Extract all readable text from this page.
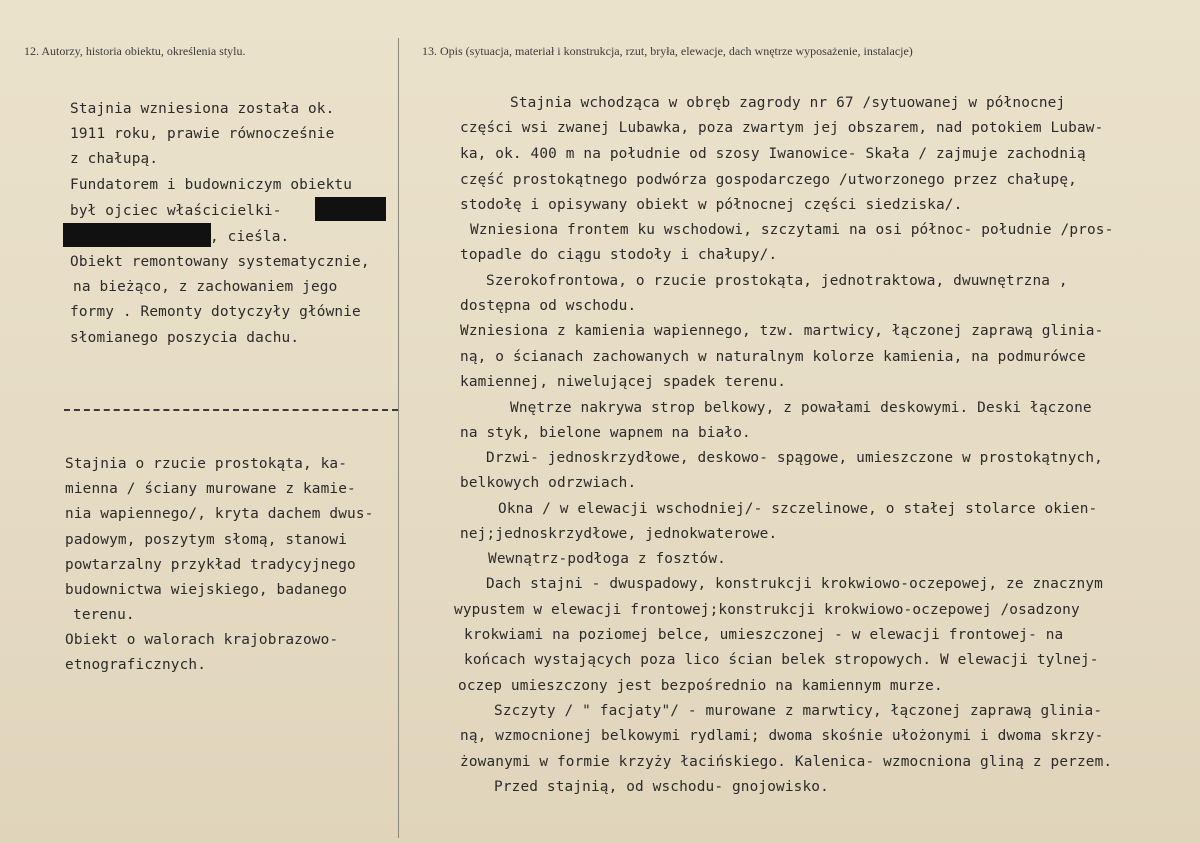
12. Autorzy, historia obiektu, określenia stylu.	13. Opis (sytuacja, materiał i konstrukcja, rzut, bryła, elewacje, dach wnętrze wyposażenie, instalacje)
Stajnia wzniesiona została ok.
1911 roku, prawie równocześnie
z chałupą.
Fundatorem i budowniczym obiektu
był ojciec właścicielki-
, cieśla.
Obiekt remontowany systematycznie,
na bieżąco, z zachowaniem jego
formy . Remonty dotyczyły głównie
słomianego poszycia dachu.
Stajnia o rzucie prostokąta, ka-
mienna / ściany murowane z kamie-
nia wapiennego/, kryta dachem dwus-
padowym, poszytym słomą, stanowi
powtarzalny przykład tradycyjnego
budownictwa wiejskiego, badanego
terenu.
Obiekt o walorach krajobrazowo-
etnograficznych.
Stajnia wchodząca w obręb zagrody nr 67 /sytuowanej w północnej
części wsi zwanej Lubawka, poza zwartym jej obszarem, nad potokiem Lubaw-
ka, ok. 400 m na południe od szosy Iwanowice- Skała / zajmuje zachodnią
część prostokątnego podwórza gospodarczego /utworzonego przez chałupę,
stodołę i opisywany obiekt w północnej części siedziska/.
Wzniesiona frontem ku wschodowi, szczytami na osi północ- południe /pros-
topadle do ciągu stodoły i chałupy/.
Szerokofrontowa, o rzucie prostokąta, jednotraktowa, dwuwnętrzna ,
dostępna od wschodu.
Wzniesiona z kamienia wapiennego, tzw. martwicy, łączonej zaprawą glinia-
ną, o ścianach zachowanych w naturalnym kolorze kamienia, na podmurówce
kamiennej, niwelującej spadek terenu.
Wnętrze nakrywa strop belkowy, z powałami deskowymi. Deski łączone
na styk, bielone wapnem na biało.
Drzwi- jednoskrzydłowe, deskowo- spągowe, umieszczone w prostokątnych,
belkowych odrzwiach.
Okna / w elewacji wschodniej/- szczelinowe, o stałej stolarce okien-
nej;jednoskrzydłowe, jednokwaterowe.
Wewnątrz-podłoga z fosztów.
Dach stajni - dwuspadowy, konstrukcji krokwiowo-oczepowej, ze znacznym
wypustem w elewacji frontowej;konstrukcji krokwiowo-oczepowej /osadzony
krokwiami na poziomej belce, umieszczonej - w elewacji frontowej- na
końcach wystających poza lico ścian belek stropowych. W elewacji tylnej-
oczep umieszczony jest bezpośrednio na kamiennym murze.
Szczyty / " facjaty"/ - murowane z marwticy, łączonej zaprawą glinia-
ną, wzmocnionej belkowymi rydlami; dwoma skośnie ułożonymi i dwoma skrzy-
żowanymi w formie krzyży łacińskiego. Kalenica- wzmocniona gliną z perzem.
Przed stajnią, od wschodu- gnojowisko.
